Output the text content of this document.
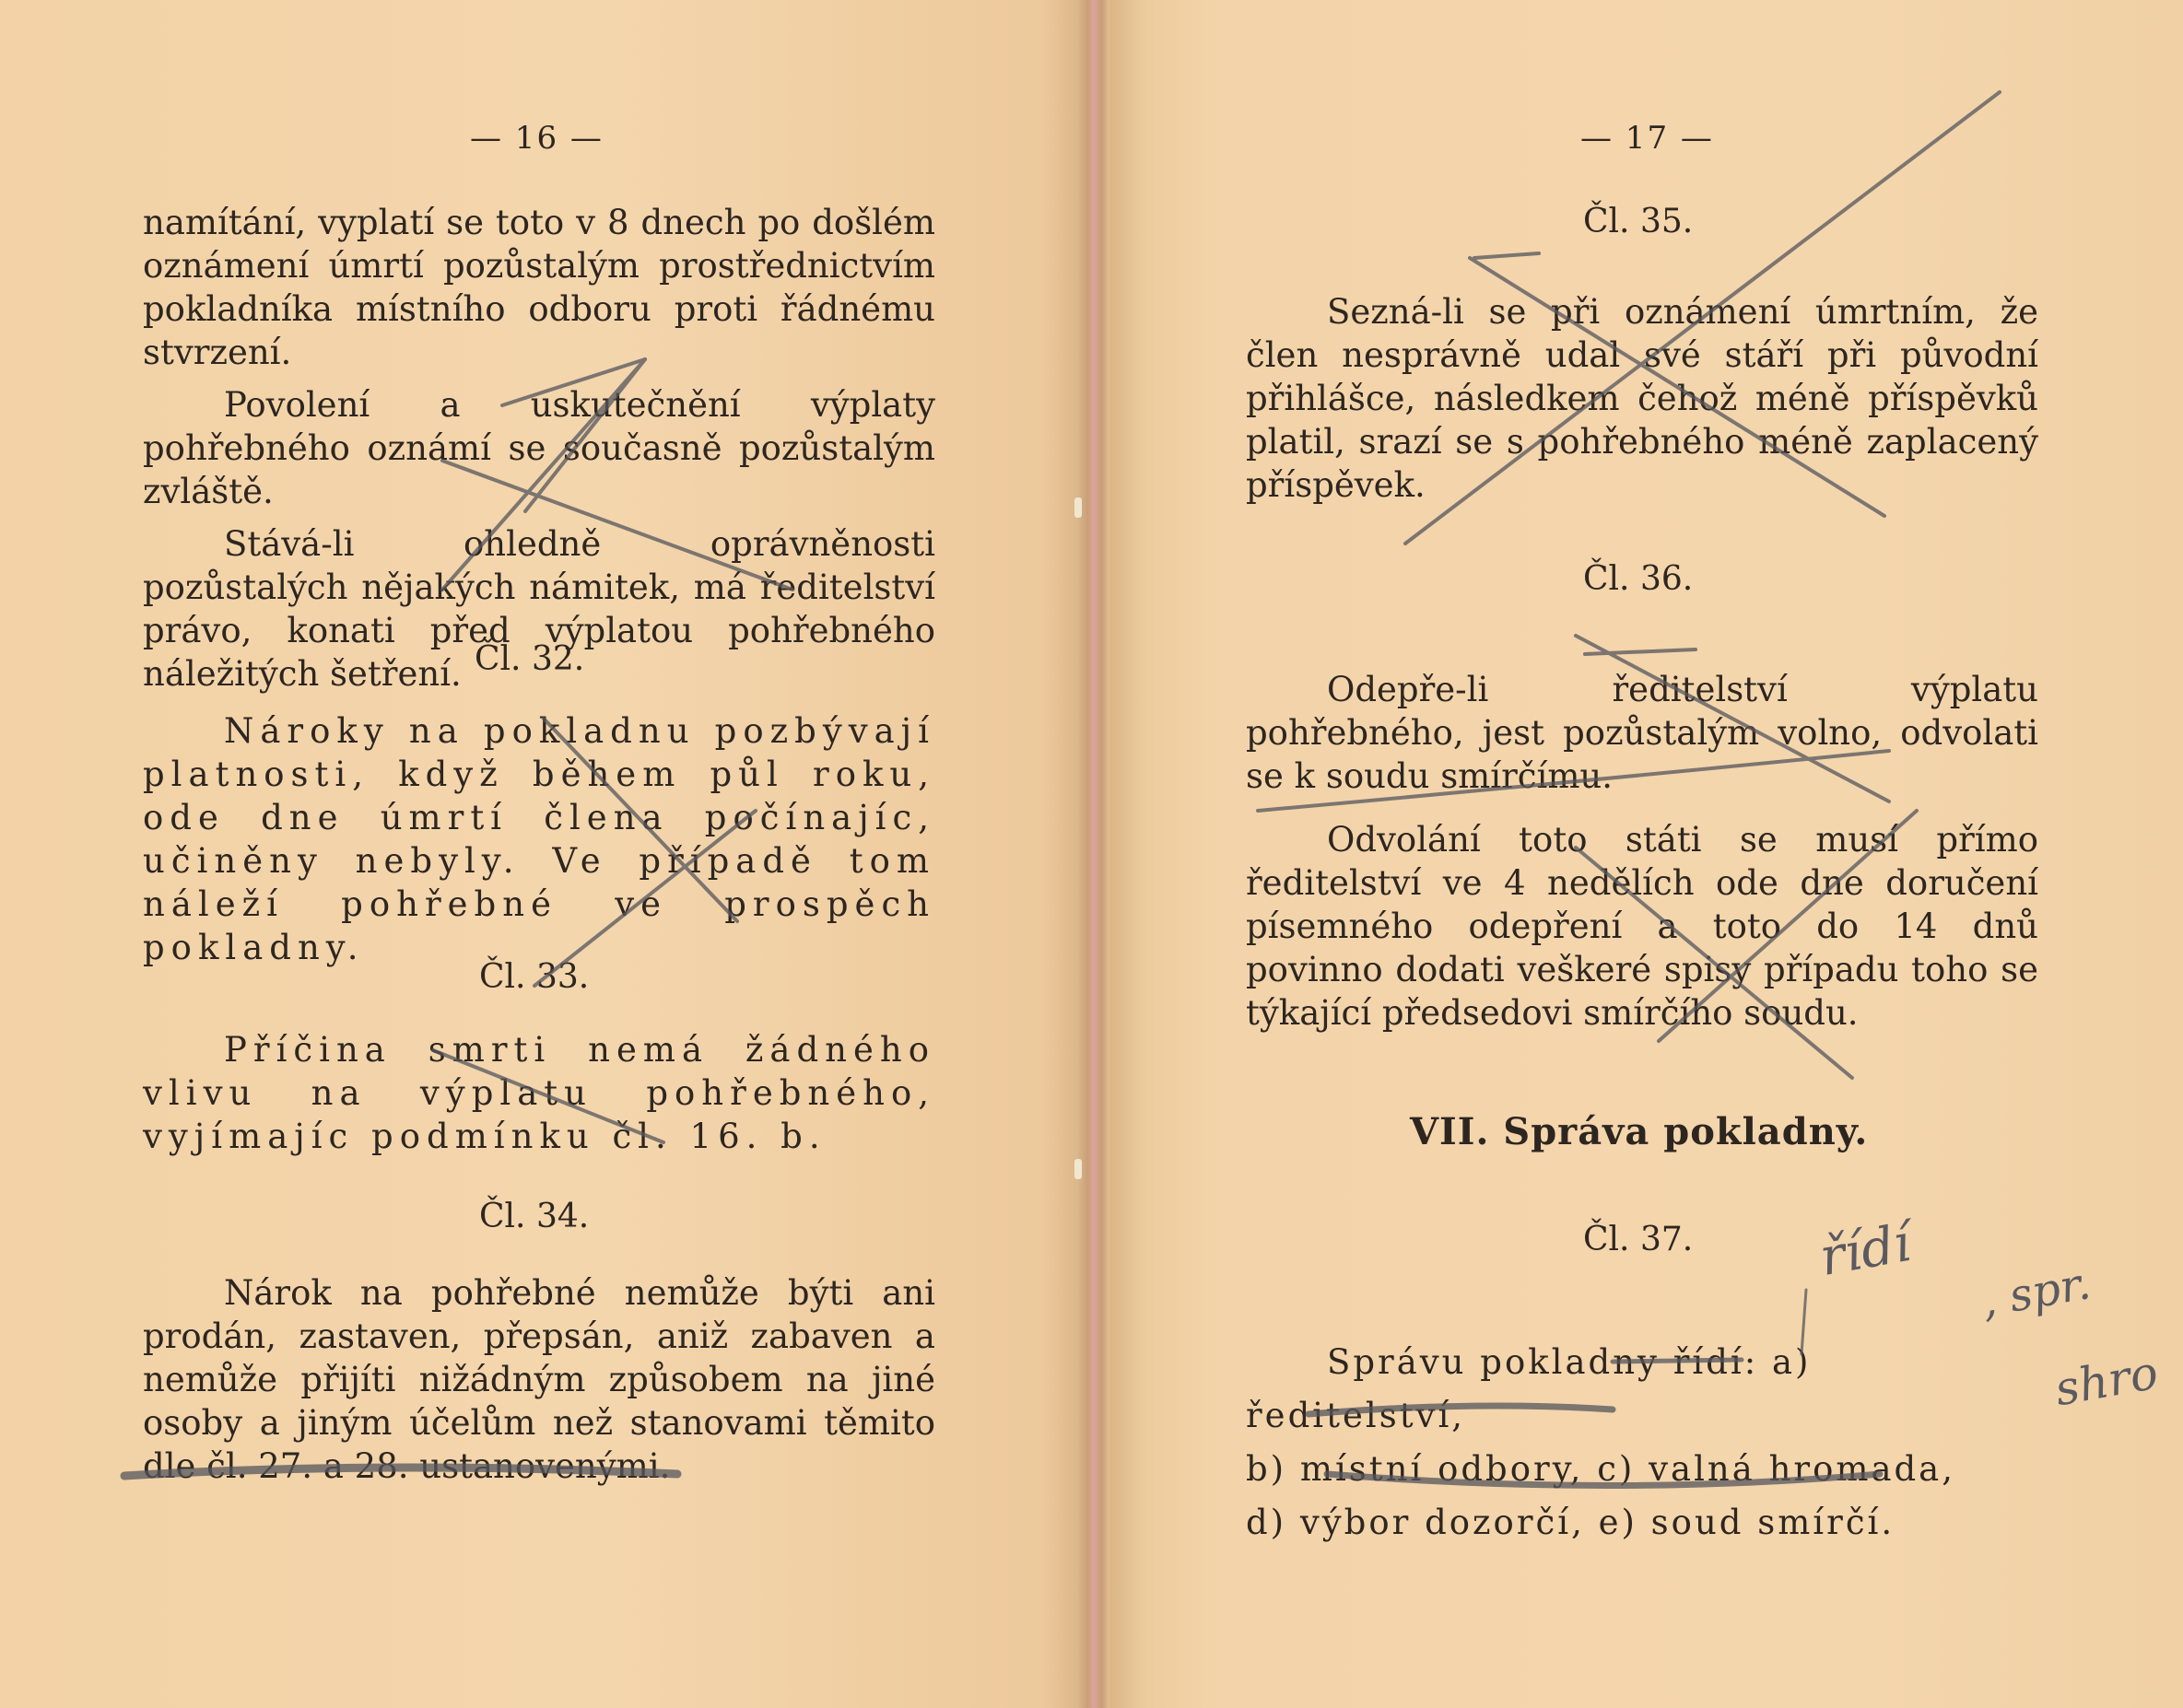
— 16 —

namítání, vyplatí se toto v 8 dnech po došlém oznámení úmrtí pozůstalým prostřednictvím pokladníka místního odboru proti řádnému stvrzení.

Povolení a uskutečnění výplaty pohřebného oznámí se současně pozůstalým zvláště.

Stává-li ohledně oprávněnosti pozůstalých nějakých námitek, má ředitelství právo, konati před výplatou pohřebného náležitých šetření. Čl. 32.

Nároky na pokladnu pozbývají platnosti, když během půl roku, ode dne úmrtí člena počínajíc, učiněny nebyly. Ve případě tom náleží pohřebné ve prospěch pokladny.

Čl. 33.

Příčina smrti nemá žádného vlivu na výplatu pohřebného, vyjímajíc podmínku čl. 16. b.

Čl. 34.

Nárok na pohřebné nemůže býti ani prodán, zastaven, přepsán, aniž zabaven a nemůže přijíti nižádným způsobem na jiné osoby a jiným účelům než stanovami těmito dle čl. 27. a 28. ustanovenými.

— 17 —
Čl. 35.

Sezná-li se při oznámení úmrtním, že člen nesprávně udal své stáří při původní přihlášce, následkem čehož méně příspěvků platil, srazí se s pohřebného méně zaplacený příspěvek.

Čl. 36.

Odepře-li ředitelství výplatu pohřebného, jest pozůstalým volno, odvolati se k soudu smírčímu.

Odvolání toto státi se musí přímo ředitelství ve 4 nedělích ode dne doručení písemného odepření a toto do 14 dnů povinno dodati veškeré spisy případu toho se týkající předsedovi smírčího soudu.

VII. Správa pokladny.
Čl. 37.

Správu pokladny řídí: a) ředitelství,

b) místní odbory, c) valná hromada,

d) výbor dozorčí, e) soud smírčí.

řídí
, spr.
shro
